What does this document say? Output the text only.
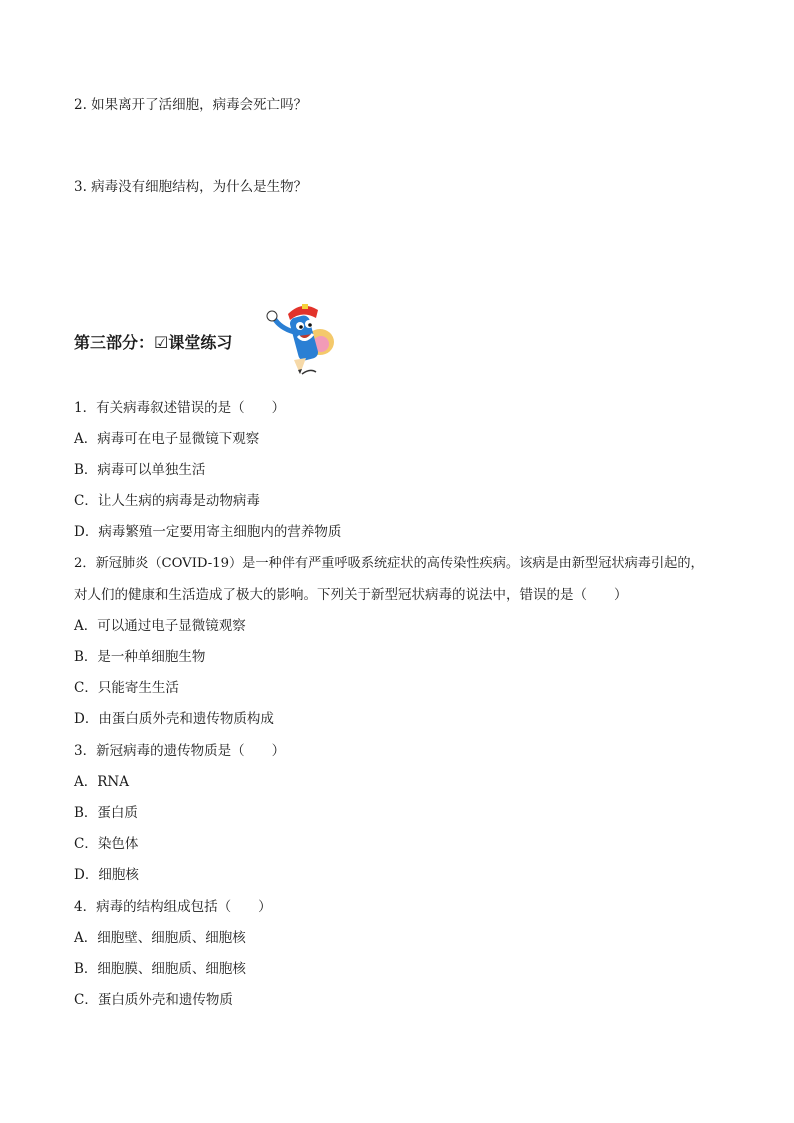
2. 如果离开了活细胞，病毒会死亡吗？
3. 病毒没有细胞结构，为什么是生物？
第三部分：☑课堂练习
1．有关病毒叙述错误的是（　　）
A．病毒可在电子显微镜下观察
B．病毒可以单独生活
C．让人生病的病毒是动物病毒
D．病毒繁殖一定要用寄主细胞内的营养物质
2．新冠肺炎（COVID-19）是一种伴有严重呼吸系统症状的高传染性疾病。该病是由新型冠状病毒引起的，
对人们的健康和生活造成了极大的影响。下列关于新型冠状病毒的说法中，错误的是（　　）
A．可以通过电子显微镜观察
B．是一种单细胞生物
C．只能寄生生活
D．由蛋白质外壳和遗传物质构成
3．新冠病毒的遗传物质是（　　）
A．RNA
B．蛋白质
C．染色体
D．细胞核
4．病毒的结构组成包括（　　）
A．细胞壁、细胞质、细胞核
B．细胞膜、细胞质、细胞核
C．蛋白质外壳和遗传物质
